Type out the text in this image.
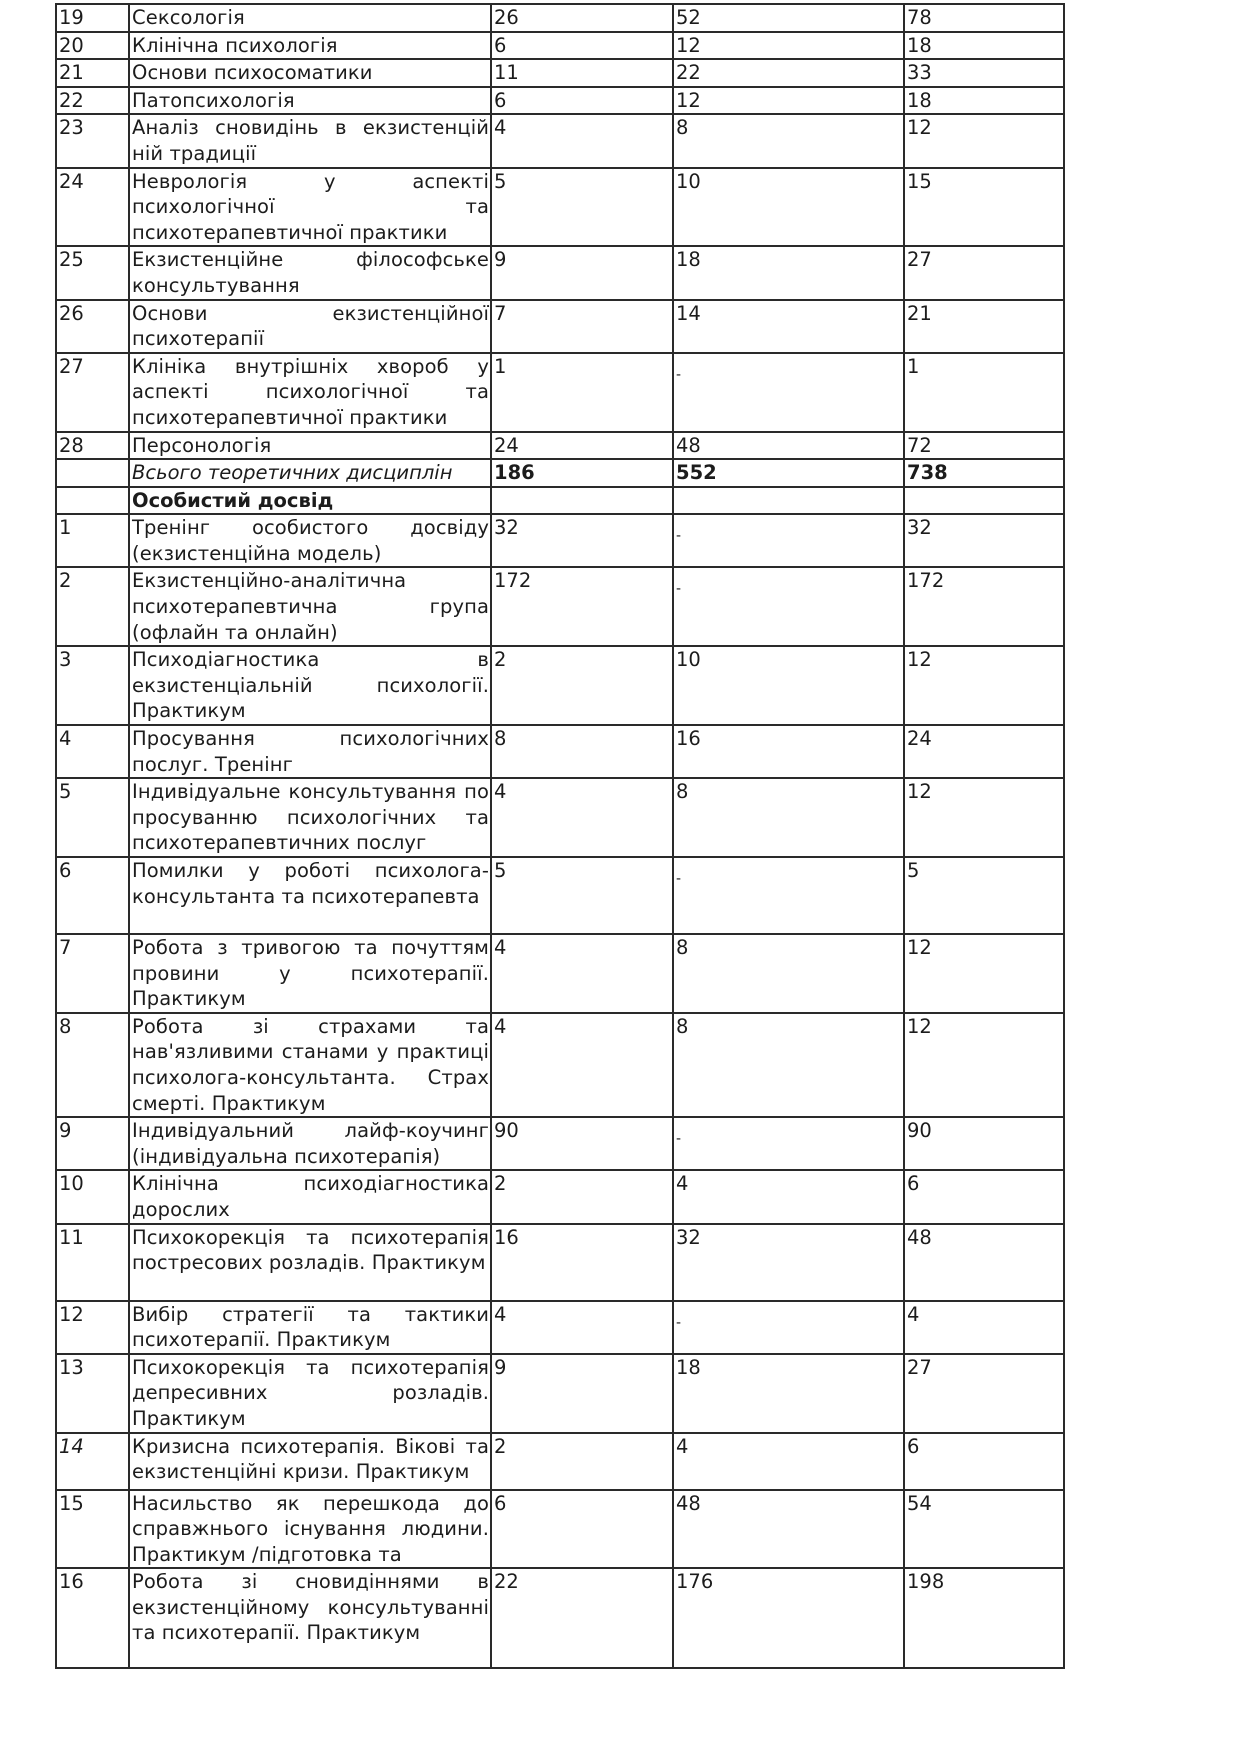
19	Сексологія	26	52	78
20	Клінічна психологія	6	12	18
21	Основи психосоматики	11	22	33
22	Патопсихологія	6	12	18
23	Аналіз сновидінь в екзистенцій ній традиції	4	8	12
24	Неврологія у аспекті психологічної та психотерапевтичної практики	5	10	15
25	Екзистенційне філософське консультування	9	18	27
26	Основи екзистенційної психотерапії	7	14	21
27	Клініка внутрішніх хвороб у аспекті психологічної та психотерапевтичної практики	1	$_-$	1
28	Персонологія	24	48	72
	Всього теоретичних дисциплін	186	552	738
	Особистий досвід			
1	Тренінг особистого досвіду (екзистенційна модель)	32	$_-$	32
2	Екзистенційно-аналітична психотерапевтична група (офлайн та онлайн)	172	$_-$	172
3	Психодіагностика в екзистенціальній психології. Практикум	2	10	12
4	Просування психологічних послуг. Тренінг	8	16	24
5	Індивідуальне консультування по просуванню психологічних та психотерапевтичних послуг	4	8	12
6	Помилки у роботі психолога-консультанта та психотерапевта	5	$_-$	5
7	Робота з тривогою та почуттям провини у психотерапії. Практикум	4	8	12
8	Робота зі страхами та нав'язливими станами у практиці психолога-консультанта. Страх смерті. Практикум	4	8	12
9	Індивідуальний лайф-коучинг (індивідуальна психотерапія)	90	$_-$	90
10	Клінічна психодіагностика дорослих	2	4	6
11	Психокорекція та психотерапія постресових розладів. Практикум	16	32	48
12	Вибір стратегії та тактики психотерапії. Практикум	4	$_-$	4
13	Психокорекція та психотерапія депресивних розладів. Практикум	9	18	27
14	Кризисна психотерапія. Вікові та екзистенційні кризи. Практикум	2	4	6
15	Насильство як перешкода до справжнього існування людини. Практикум /підготовка та	6	48	54
16	Робота зі сновидіннями в екзистенційному консультуванні та психотерапії. Практикум	22	176	198
